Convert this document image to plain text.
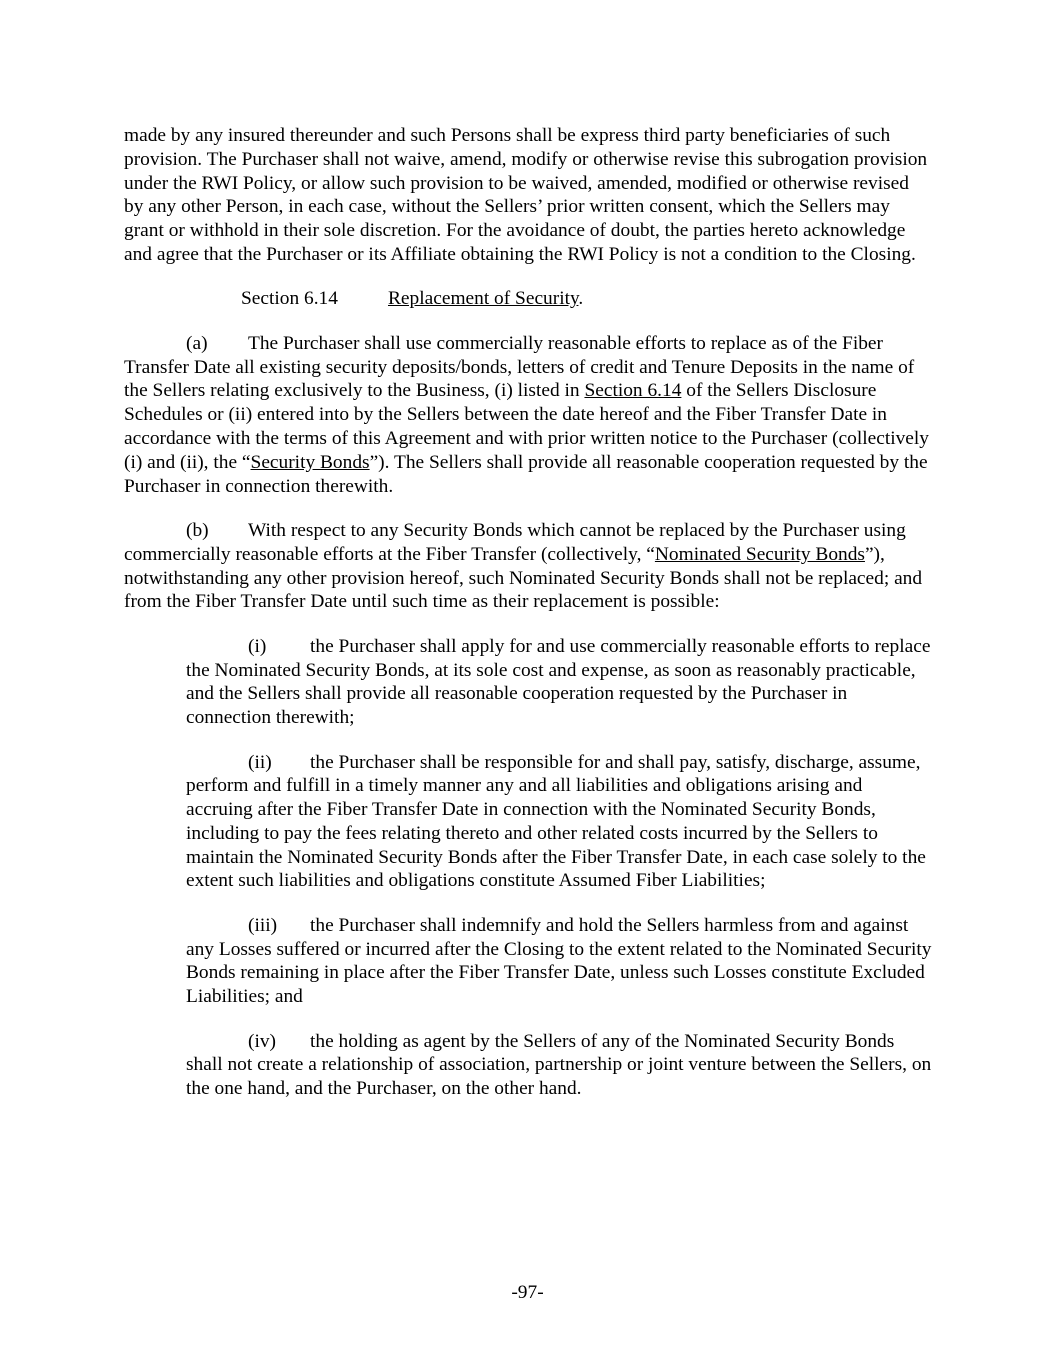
made by any insured thereunder and such Persons shall be express third party beneficiaries of such provision. The Purchaser shall not waive, amend, modify or otherwise revise this subrogation provision under the RWI Policy, or allow such provision to be waived, amended, modified or otherwise revised by any other Person, in each case, without the Sellers’ prior written consent, which the Sellers may grant or withhold in their sole discretion. For the avoidance of doubt, the parties hereto acknowledge and agree that the Purchaser or its Affiliate obtaining the RWI Policy is not a condition to the Closing.

Section 6.14	Replacement of Security.

(a) The Purchaser shall use commercially reasonable efforts to replace as of the Fiber Transfer Date all existing security deposits/bonds, letters of credit and Tenure Deposits in the name of the Sellers relating exclusively to the Business, (i) listed in Section 6.14 of the Sellers Disclosure Schedules or (ii) entered into by the Sellers between the date hereof and the Fiber Transfer Date in accordance with the terms of this Agreement and with prior written notice to the Purchaser (collectively (i) and (ii), the “Security Bonds”). The Sellers shall provide all reasonable cooperation requested by the Purchaser in connection therewith.

(b) With respect to any Security Bonds which cannot be replaced by the Purchaser using commercially reasonable efforts at the Fiber Transfer (collectively, “Nominated Security Bonds”), notwithstanding any other provision hereof, such Nominated Security Bonds shall not be replaced; and from the Fiber Transfer Date until such time as their replacement is possible:

(i) the Purchaser shall apply for and use commercially reasonable efforts to replace the Nominated Security Bonds, at its sole cost and expense, as soon as reasonably practicable, and the Sellers shall provide all reasonable cooperation requested by the Purchaser in connection therewith;

(ii) the Purchaser shall be responsible for and shall pay, satisfy, discharge, assume, perform and fulfill in a timely manner any and all liabilities and obligations arising and accruing after the Fiber Transfer Date in connection with the Nominated Security Bonds, including to pay the fees relating thereto and other related costs incurred by the Sellers to maintain the Nominated Security Bonds after the Fiber Transfer Date, in each case solely to the extent such liabilities and obligations constitute Assumed Fiber Liabilities;

(iii) the Purchaser shall indemnify and hold the Sellers harmless from and against any Losses suffered or incurred after the Closing to the extent related to the Nominated Security Bonds remaining in place after the Fiber Transfer Date, unless such Losses constitute Excluded Liabilities; and

(iv) the holding as agent by the Sellers of any of the Nominated Security Bonds shall not create a relationship of association, partnership or joint venture between the Sellers, on the one hand, and the Purchaser, on the other hand.

-97-
